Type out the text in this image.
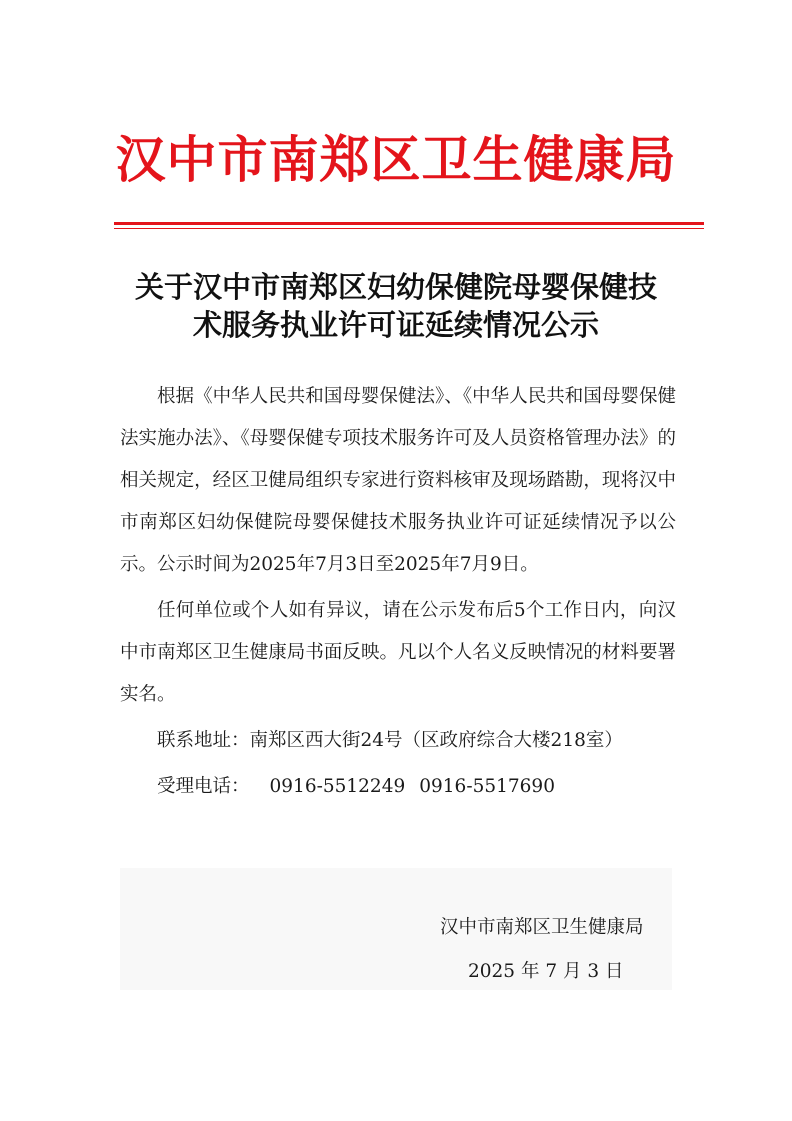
汉中市南郑区卫生健康局
关于汉中市南郑区妇幼保健院母婴保健技
术服务执业许可证延续情况公示

根据《中华人民共和国母婴保健法》、《中华人民共和国母婴保健法实施办法》、《母婴保健专项技术服务许可及人员资格管理办法》的相关规定，经区卫健局组织专家进行资料核审及现场踏勘，现将汉中市南郑区妇幼保健院母婴保健技术服务执业许可证延续情况予以公示。公示时间为2025年7月3日至2025年7月9日。

任何单位或个人如有异议，请在公示发布后5个工作日内，向汉中市南郑区卫生健康局书面反映。凡以个人名义反映情况的材料要署实名。

联系地址：南郑区西大街24号（区政府综合大楼218室）

受理电话： 0916-5512249 0916-5517690

汉中市南郑区卫生健康局
2025 年 7 月 3 日
